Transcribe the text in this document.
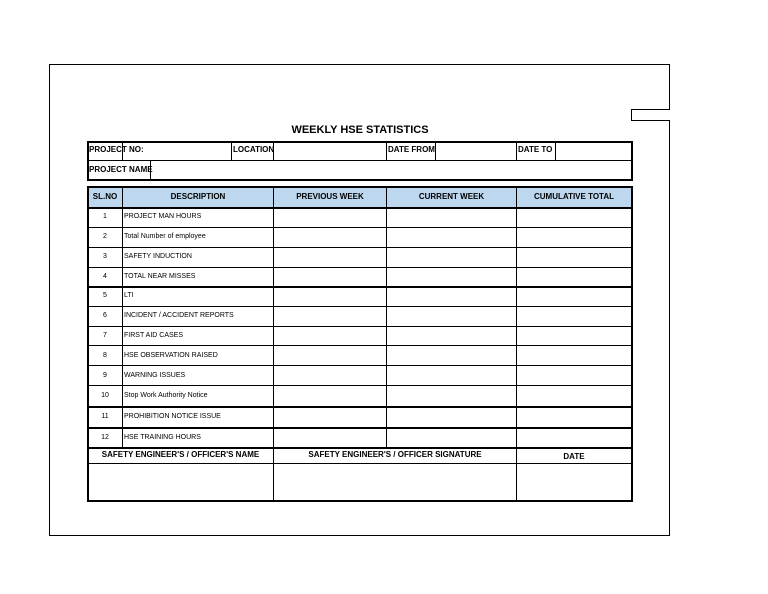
WEEKLY HSE STATISTICS
PROJECT NO:	LOCATION	DATE FROM	DATE TO
PROJECT NAME
SL.NO	DESCRIPTION	PREVIOUS WEEK	CURRENT WEEK	CUMULATIVE TOTAL
1	PROJECT MAN HOURS
2	Total Number of employee
3	SAFETY INDUCTION
4	TOTAL NEAR MISSES
5	LTI
6	INCIDENT / ACCIDENT REPORTS
7	FIRST AID CASES
8	HSE OBSERVATION RAISED
9	WARNING ISSUES
10	Stop Work Authority Notice
11	PROHIBITION NOTICE ISSUE
12	HSE TRAINING HOURS
SAFETY ENGINEER'S / OFFICER'S NAME	SAFETY ENGINEER'S / OFFICER SIGNATURE	DATE
